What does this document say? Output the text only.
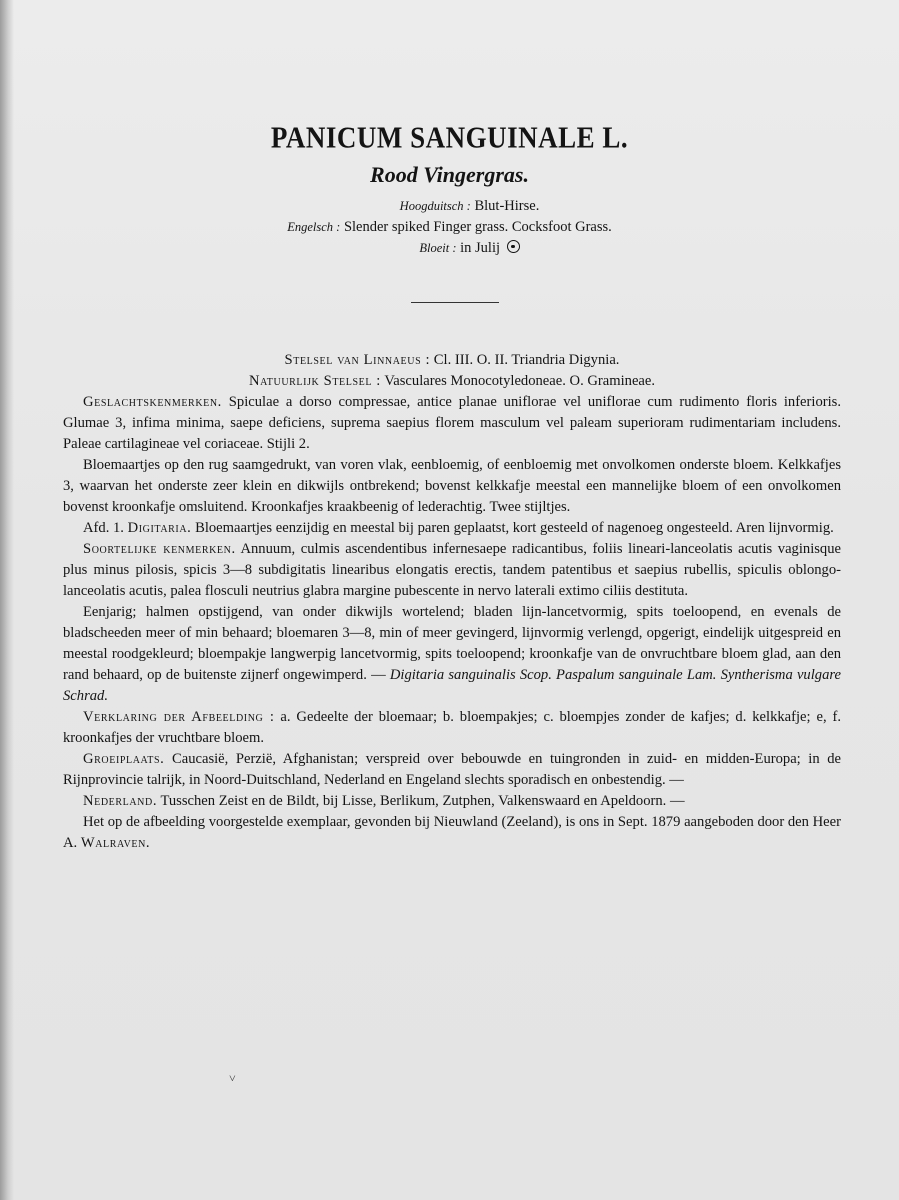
PANICUM SANGUINALE L.
Rood Vingergras.
Hoogduitsch : Blut-Hirse.
Engelsch : Slender spiked Finger grass. Cocksfoot Grass.
Bloeit : in Julij
Stelsel van Linnaeus : Cl. III. O. II. Triandria Digynia.
Natuurlijk Stelsel : Vasculares Monocotyledoneae. O. Gramineae.

Geslachtskenmerken. Spiculae a dorso compressae, antice planae uniflorae vel uniflorae cum rudimento floris inferioris. Glumae 3, infima minima, saepe deficiens, suprema saepius florem masculum vel paleam superioram rudimentariam includens. Paleae cartilagineae vel coriaceae. Stijli 2.

Bloemaartjes op den rug saamgedrukt, van voren vlak, eenbloemig, of eenbloemig met onvolkomen onderste bloem. Kelkkafjes 3, waarvan het onderste zeer klein en dikwijls ontbrekend; bovenst kelkkafje meestal een mannelijke bloem of een onvolkomen bovenst kroonkafje omsluitend. Kroonkafjes kraakbeenig of lederachtig. Twee stijltjes.

Afd. 1. Digitaria. Bloemaartjes eenzijdig en meestal bij paren geplaatst, kort gesteeld of nagenoeg ongesteeld. Aren lijnvormig.

Soortelijke kenmerken. Annuum, culmis ascendentibus infernesaepe radicantibus, foliis lineari-lanceolatis acutis vaginisque plus minus pilosis, spicis 3—8 subdigitatis linearibus elongatis erectis, tandem patentibus et saepius rubellis, spiculis oblongo-lanceolatis acutis, palea flosculi neutrius glabra margine pubescente in nervo laterali extimo ciliis destituta.

Eenjarig; halmen opstijgend, van onder dikwijls wortelend; bladen lijn-lancetvormig, spits toeloopend, en evenals de bladscheeden meer of min behaard; bloemaren 3—8, min of meer gevingerd, lijnvormig verlengd, opgerigt, eindelijk uitgespreid en meestal roodgekleurd; bloempakje langwerpig lancetvormig, spits toeloopend; kroonkafje van de onvruchtbare bloem glad, aan den rand behaard, op de buitenste zijnerf ongewimperd. — Digitaria sanguinalis Scop. Paspalum sanguinale Lam. Syntherisma vulgare Schrad.

Verklaring der Afbeelding : a. Gedeelte der bloemaar; b. bloempakjes; c. bloempjes zonder de kafjes; d. kelkkafje; e, f. kroonkafjes der vruchtbare bloem.

Groeiplaats. Caucasië, Perzië, Afghanistan; verspreid over bebouwde en tuingronden in zuid- en midden-Europa; in de Rijnprovincie talrijk, in Noord-Duitschland, Nederland en Engeland slechts sporadisch en onbestendig. —

Nederland. Tusschen Zeist en de Bildt, bij Lisse, Berlikum, Zutphen, Valkenswaard en Apeldoorn. —

Het op de afbeelding voorgestelde exemplaar, gevonden bij Nieuwland (Zeeland), is ons in Sept. 1879 aangeboden door den Heer A. Walraven.

˅
